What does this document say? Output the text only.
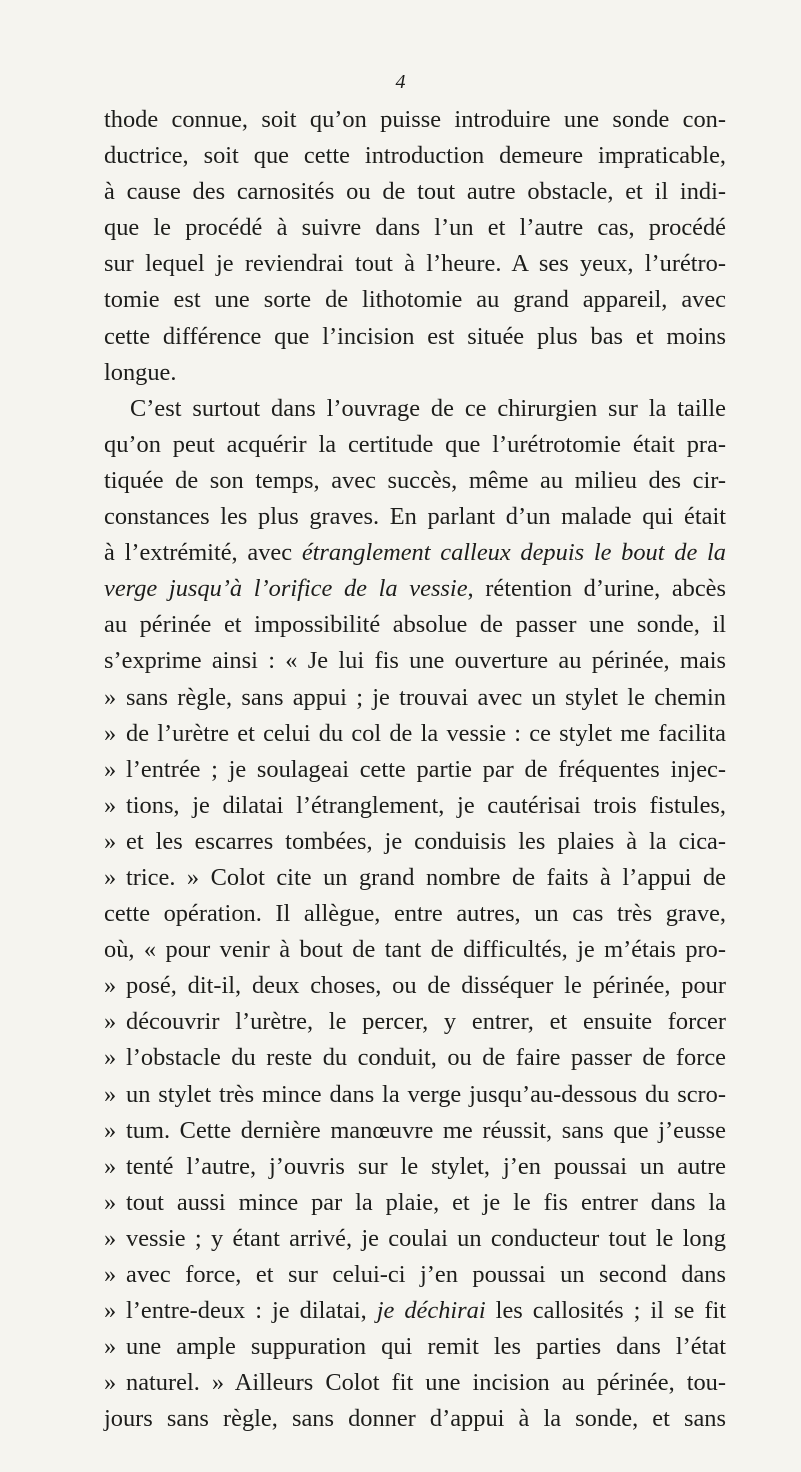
4
thode connue, soit qu’on puisse introduire une sonde con-
ductrice, soit que cette introduction demeure impraticable,
à cause des carnosités ou de tout autre obstacle, et il indi-
que le procédé à suivre dans l’un et l’autre cas, procédé
sur lequel je reviendrai tout à l’heure. A ses yeux, l’urétro-
tomie est une sorte de lithotomie au grand appareil, avec
cette différence que l’incision est située plus bas et moins
longue.
C’est surtout dans l’ouvrage de ce chirurgien sur la taille
qu’on peut acquérir la certitude que l’urétrotomie était pra-
tiquée de son temps, avec succès, même au milieu des cir-
constances les plus graves. En parlant d’un malade qui était
à l’extrémité, avec étranglement calleux depuis le bout de la
verge jusqu’à l’orifice de la vessie, rétention d’urine, abcès
au périnée et impossibilité absolue de passer une sonde, il
s’exprime ainsi : « Je lui fis une ouverture au périnée, mais
» sans règle, sans appui ; je trouvai avec un stylet le chemin
» de l’urètre et celui du col de la vessie : ce stylet me facilita
» l’entrée ; je soulageai cette partie par de fréquentes injec-
» tions, je dilatai l’étranglement, je cautérisai trois fistules,
» et les escarres tombées, je conduisis les plaies à la cica-
» trice. » Colot cite un grand nombre de faits à l’appui de
cette opération. Il allègue, entre autres, un cas très grave,
où, « pour venir à bout de tant de difficultés, je m’étais pro-
» posé, dit-il, deux choses, ou de disséquer le périnée, pour
» découvrir l’urètre, le percer, y entrer, et ensuite forcer
» l’obstacle du reste du conduit, ou de faire passer de force
» un stylet très mince dans la verge jusqu’au-dessous du scro-
» tum. Cette dernière manœuvre me réussit, sans que j’eusse
» tenté l’autre, j’ouvris sur le stylet, j’en poussai un autre
» tout aussi mince par la plaie, et je le fis entrer dans la
» vessie ; y étant arrivé, je coulai un conducteur tout le long
» avec force, et sur celui-ci j’en poussai un second dans
» l’entre-deux : je dilatai, je déchirai les callosités ; il se fit
» une ample suppuration qui remit les parties dans l’état
» naturel. » Ailleurs Colot fit une incision au périnée, tou-
jours sans règle, sans donner d’appui à la sonde, et sans
